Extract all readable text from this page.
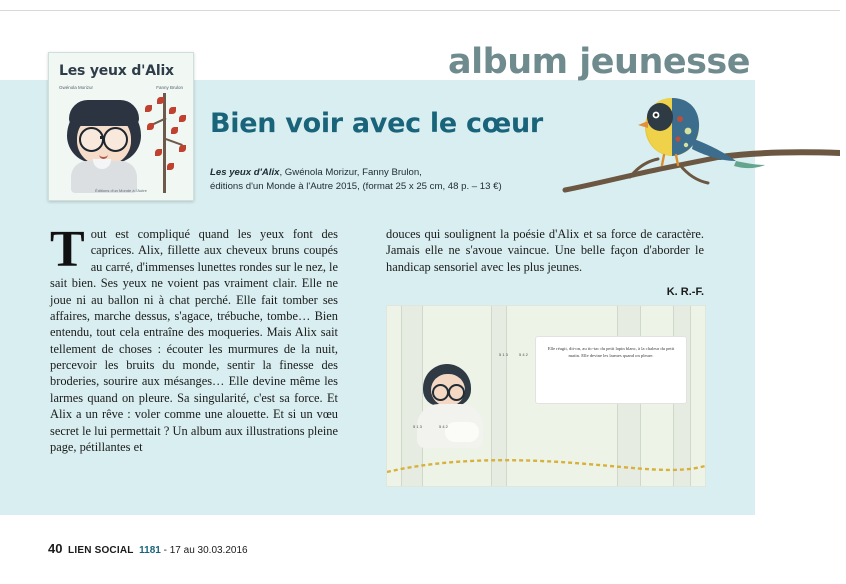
album jeunesse
Les yeux d'Alix
Gwénola Morizur	Fanny Brulon
Éditions d'un Monde à l'Autre
Bien voir avec le cœur
Les yeux d'Alix, Gwénola Morizur, Fanny Brulon,
éditions d'un Monde à l'Autre 2015, (format 25 x 25 cm, 48 p. – 13 €)
Tout est compliqué quand les yeux font des caprices. Alix, fillette aux cheveux bruns coupés au carré, d'immenses lunettes rondes sur le nez, le sait bien. Ses yeux ne voient pas vraiment clair. Elle ne joue ni au ballon ni à chat perché. Elle fait tomber ses affaires, marche dessus, s'agace, trébuche, tombe… Bien entendu, tout cela entraîne des moqueries. Mais Alix sait tellement de choses : écouter les murmures de la nuit, percevoir les bruits du monde, sentir la finesse des broderies, sourire aux mésanges… Elle devine même les larmes quand on pleure. Sa singularité, c'est sa force. Et Alix a un rêve : voler comme une alouette. Et si un vœu secret le lui permettait ? Un album aux illustrations pleine page, pétillantes et
douces qui soulignent la poésie d'Alix et sa force de caractère. Jamais elle ne s'avoue vaincue. Une belle façon d'aborder le handicap sensoriel avec les plus jeunes.
K. R.-F.

Elle réagit, dit-on, au tic-tac du petit lapin blanc, à la chaleur du petit matin. Elle devine les larmes quand on pleure.

5 1 3	5 4 2
5 1 3	5 4 2
40 LIEN SOCIAL 1181 - 17 au 30.03.2016
